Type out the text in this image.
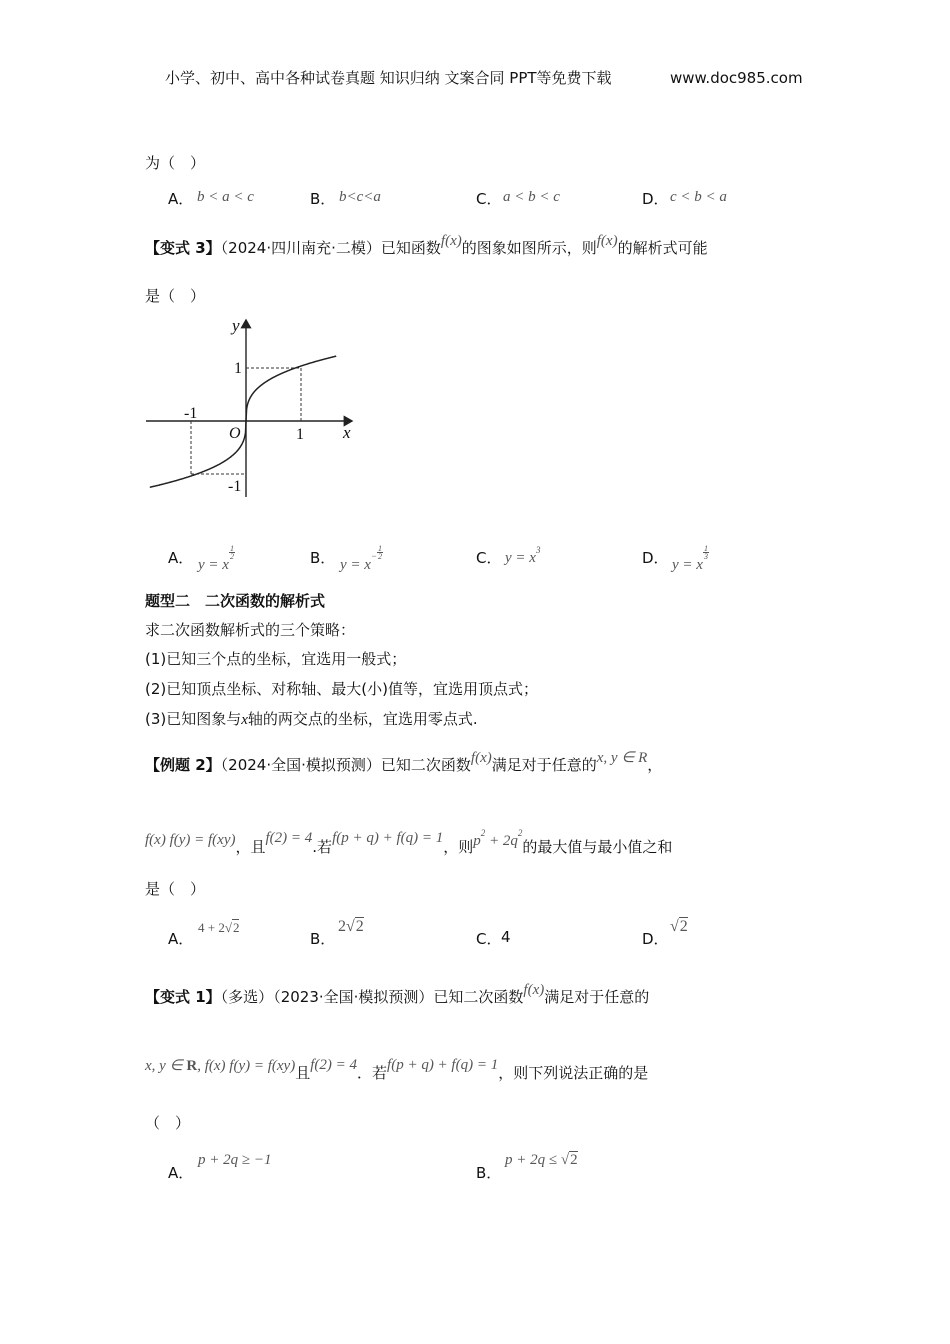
小学、初中、高中各种试卷真题 知识归纳 文案合同 PPT等免费下载	www.doc985.com
为（　）
A． b < a < c	B． b<c<a	C． a < b < c	D． c < b < a
【变式 3】（2024·四川南充·二模）已知函数f(x)的图象如图所示，则f(x)的解析式可能
是（　）
y
x
O	1
-1
1
-1
A． y = x
$\frac{1}{2}$	B． $y = x^- \frac{1}{2}$	C． $y = x^3$	D． y = x
$\frac{1}{3}$
题型二　二次函数的解析式
求二次函数解析式的三个策略：
(1)已知三个点的坐标，宜选用一般式；
(2)已知顶点坐标、对称轴、最大(小)值等，宜选用顶点式；
(3)已知图象与x轴的两交点的坐标，宜选用零点式.
【例题 2】（2024·全国·模拟预测）已知二次函数f(x)满足对于任意的x, y ∈ R，
f(x) f(y) = f(xy)，且f(2) = 4.若f(p + q) + f(q) = 1，则$p^2 + 2q^2$的最大值与最小值之和
是（　）
A．
4 + 2√2
B．
2√2
C． 4	D．
√2
【变式 1】（多选）（2023·全国·模拟预测）已知二次函数f(x)满足对于任意的
x, y ∈ R, f(x) f(y) = f(xy)且f(2) = 4．若f(p + q) + f(q) = 1，则下列说法正确的是
（　）
A．
p + 2q ≥ −1
B．
p + 2q ≤ √2
